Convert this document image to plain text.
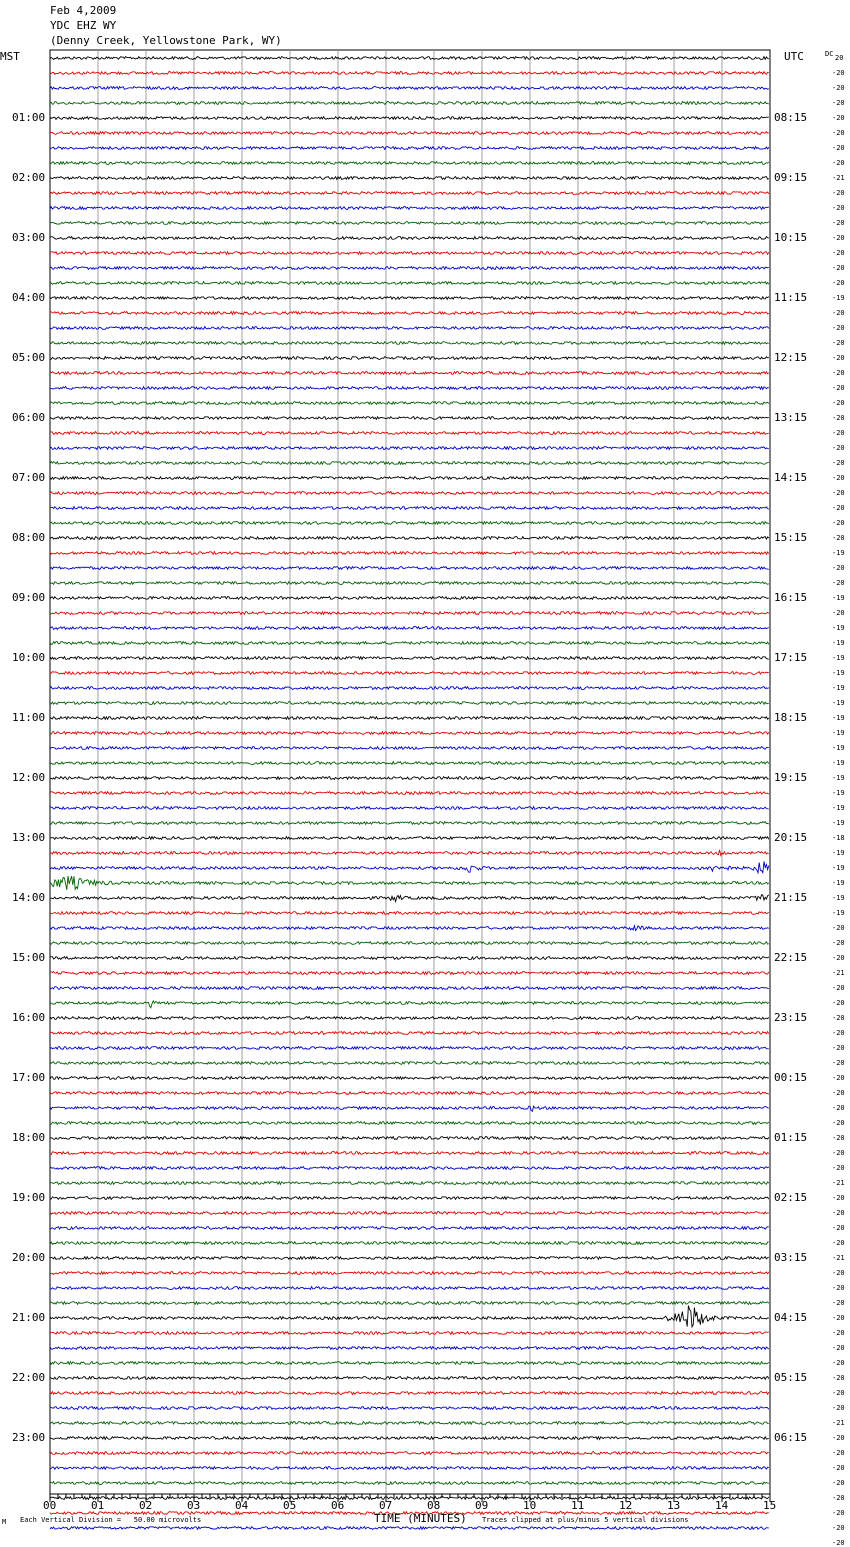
Feb 4,2009
YDC EHZ WY
(Denny Creek, Yellowstone Park, WY)
MST	UTC	DC
01:00
02:00
03:00
04:00
05:00
06:00
07:00
08:00
09:00
10:00
11:00
12:00
13:00
14:00
15:00
16:00
17:00
18:00
19:00
20:00
21:00
22:00
23:00
08:15
09:15
10:15
11:15
12:15
13:15
14:15
15:15
16:15
17:15
18:15
19:15
20:15
21:15
22:15
23:15
00:15
01:15
02:15
03:15
04:15
05:15
06:15
20
-20
-20
-20
-20
-20
-20
-20
-21
-20
-20
-20
-20
-20
-20
-20
-19
-20
-20
-20
-20
-20
-20
-20
-20
-20
-20
-20
-20
-20
-20
-20
-20
-19
-20
-20
-19
-20
-19
-19
-19
-19
-19
-19
-19
-19
-19
-19
-19
-19
-19
-19
-18
-19
-19
-19
-19
-19
-20
-20
-20
-21
-20
-20
-20
-20
-20
-20
-20
-20
-20
-20
-20
-20
-20
-21
-20
-20
-20
-20
-21
-20
-20
-20
-20
-20
-20
-20
-20
-20
-20
-21
-20
-20
-20
-20
-20
-20
-20
-20
00	01	02	03	04	05	06	07	08	09	10	11	12	13	14	15
M Each Vertical Division =   50.00 microvolts	TIME (MINUTES) Traces clipped at plus/minus 5 vertical divisions
